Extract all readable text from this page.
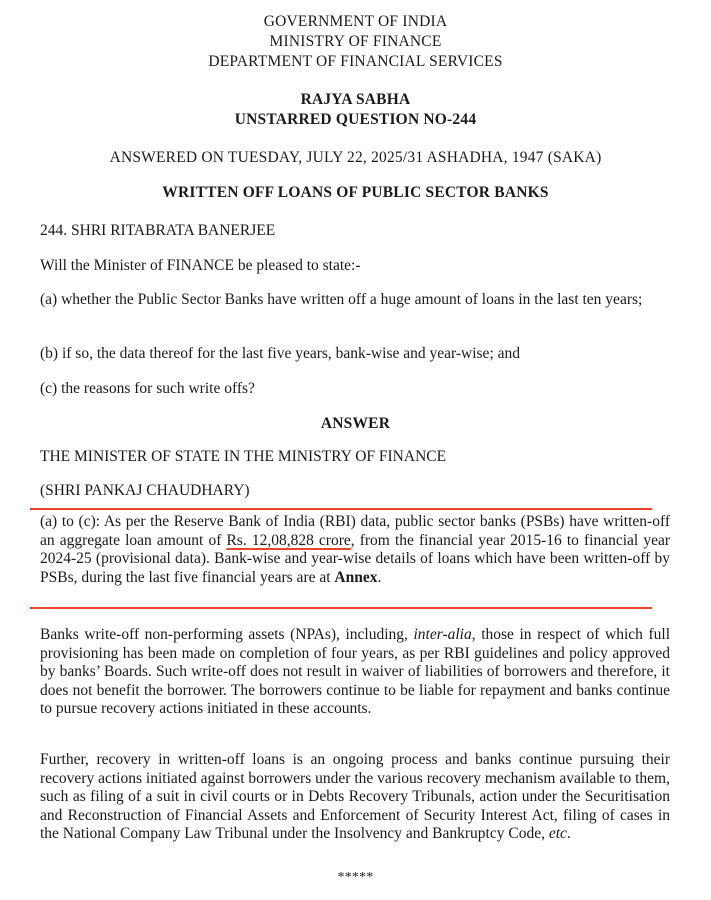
GOVERNMENT OF INDIA
MINISTRY OF FINANCE
DEPARTMENT OF FINANCIAL SERVICES
RAJYA SABHA
UNSTARRED QUESTION NO-244
ANSWERED ON TUESDAY, JULY 22, 2025/31 ASHADHA, 1947 (SAKA)
WRITTEN OFF LOANS OF PUBLIC SECTOR BANKS
244. SHRI RITABRATA BANERJEE
Will the Minister of FINANCE be pleased to state:-
(a) whether the Public Sector Banks have written off a huge amount of loans in the last ten years;
(b) if so, the data thereof for the last five years, bank-wise and year-wise; and
(c) the reasons for such write offs?
ANSWER
THE MINISTER OF STATE IN THE MINISTRY OF FINANCE
(SHRI PANKAJ CHAUDHARY)
(a) to (c): As per the Reserve Bank of India (RBI) data, public sector banks (PSBs) have written-off an aggregate loan amount of Rs. 12,08,828 crore, from the financial year 2015-16 to financial year 2024-25 (provisional data). Bank-wise and year-wise details of loans which have been written-off by PSBs, during the last five financial years are at Annex.
Banks write-off non-performing assets (NPAs), including, inter-alia, those in respect of which full provisioning has been made on completion of four years, as per RBI guidelines and policy approved by banks’ Boards. Such write-off does not result in waiver of liabilities of borrowers and therefore, it does not benefit the borrower. The borrowers continue to be liable for repayment and banks continue to pursue recovery actions initiated in these accounts.
Further, recovery in written-off loans is an ongoing process and banks continue pursuing their recovery actions initiated against borrowers under the various recovery mechanism available to them, such as filing of a suit in civil courts or in Debts Recovery Tribunals, action under the Securitisation and Reconstruction of Financial Assets and Enforcement of Security Interest Act, filing of cases in the National Company Law Tribunal under the Insolvency and Bankruptcy Code, etc.
*****
